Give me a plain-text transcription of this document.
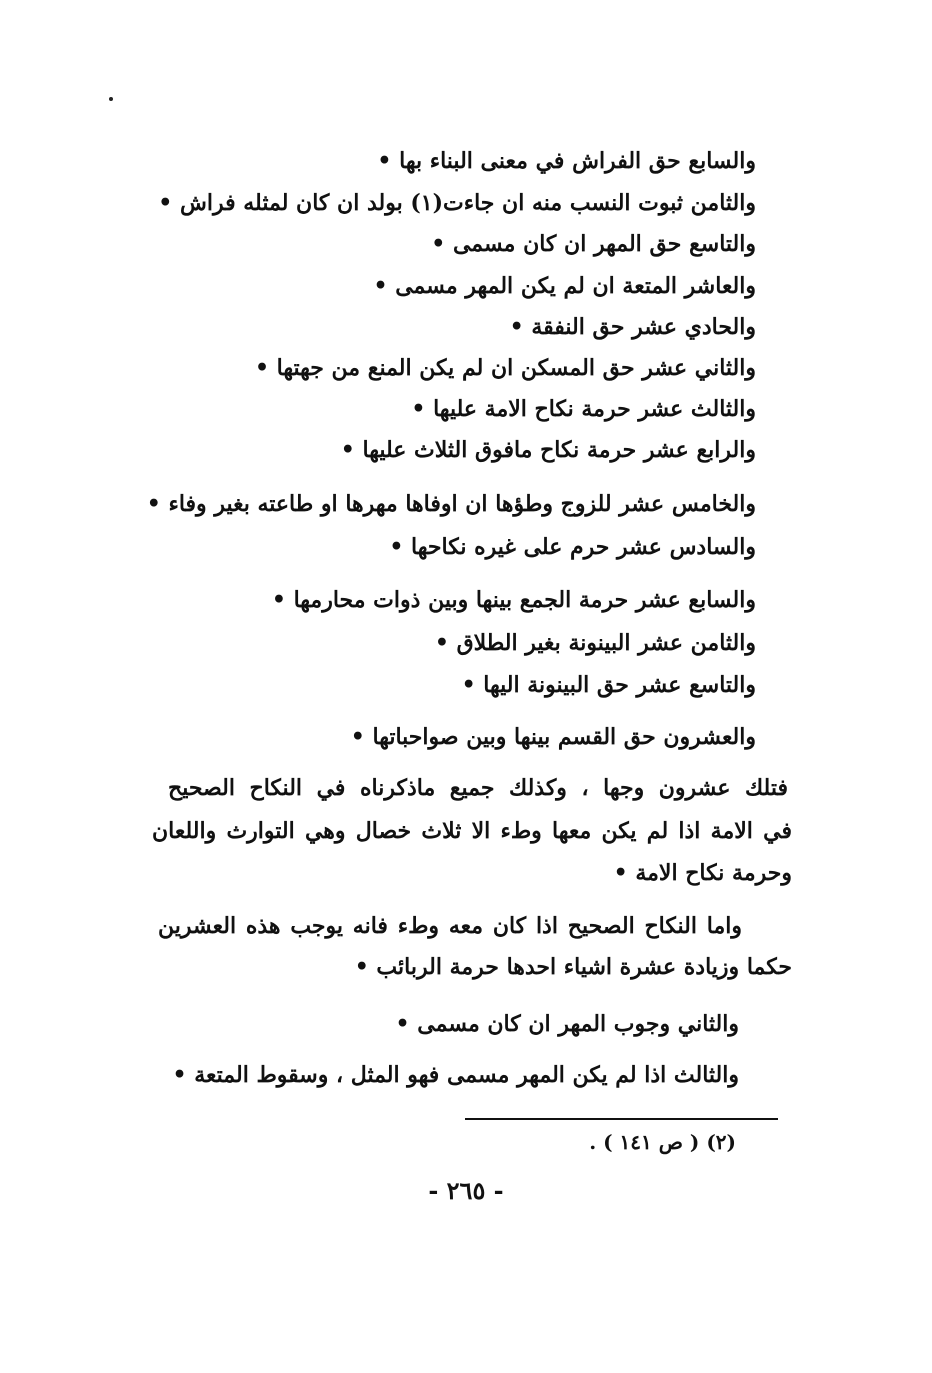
والسابع حق الفراش في معنى البناء بها •
والثامن ثبوت النسب منه ان جاءت(١) بولد ان كان لمثله فراش •
والتاسع حق المهر ان كان مسمى •
والعاشر المتعة ان لم يكن المهر مسمى •
والحادي عشر حق النفقة •
والثاني عشر حق المسكن ان لم يكن المنع من جهتها •
والثالث عشر حرمة نكاح الامة عليها •
والرابع عشر حرمة نكاح مافوق الثلاث عليها •
والخامس عشر للزوج وطؤها ان اوفاها مهرها او طاعته بغير وفاء •
والسادس عشر حرم على غيره نكاحها •
والسابع عشر حرمة الجمع بينها وبين ذوات محارمها •
والثامن عشر البينونة بغير الطلاق •
والتاسع عشر حق البينونة اليها •
والعشرون حق القسم بينها وبين صواحباتها •
فتلك عشرون وجها ، وكذلك جميع ماذكرناه في النكاح الصحيح
في الامة اذا لم يكن معها وطء الا ثلاث خصال وهي التوارث واللعان
وحرمة نكاح الامة •
واما النكاح الصحيح اذا كان معه وطء فانه يوجب هذه العشرين
حكما وزيادة عشرة اشياء احدها حرمة الربائب •
والثاني وجوب المهر ان كان مسمى •
والثالث اذا لم يكن المهر مسمى فهو المثل ، وسقوط المتعة •
(٢) ( ص ١٤١ ) .
- ٢٦٥ -
